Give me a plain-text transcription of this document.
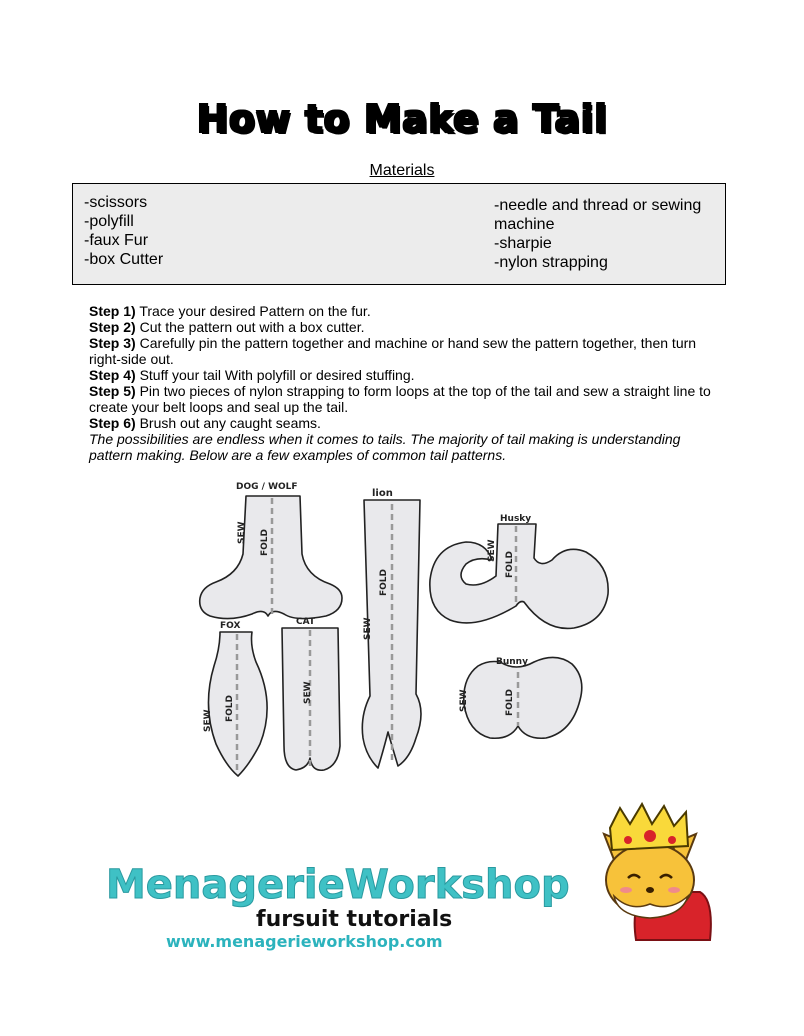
How to Make a Tail
Materials
-scissors
-polyfill
-faux Fur
-box Cutter
-needle and thread or sewing machine
-sharpie
-nylon strapping
Step 1) Trace your desired Pattern on the fur.
Step 2) Cut the pattern out with a box cutter.
Step 3) Carefully pin the pattern together and machine or hand sew the pattern together, then turn right-side out.
Step 4) Stuff your tail With polyfill or desired stuffing.
Step 5) Pin two pieces of nylon strapping to form loops at the top of the tail and sew a straight line to create your belt loops and seal up the tail.
Step 6) Brush out any caught seams.
The possibilities are endless when it comes to tails. The majority of tail making is understanding pattern making. Below are a few examples of common tail patterns.
DOG / WOLF
lion
Husky
FOX	CAT
Bunny
FOLD
FOLD
FOLD
FOLD	FOLD
SEW
SEW
SEW
SEW
SEW	SEW
MenagerieWorkshop
fursuit tutorials
www.menagerieworkshop.com
